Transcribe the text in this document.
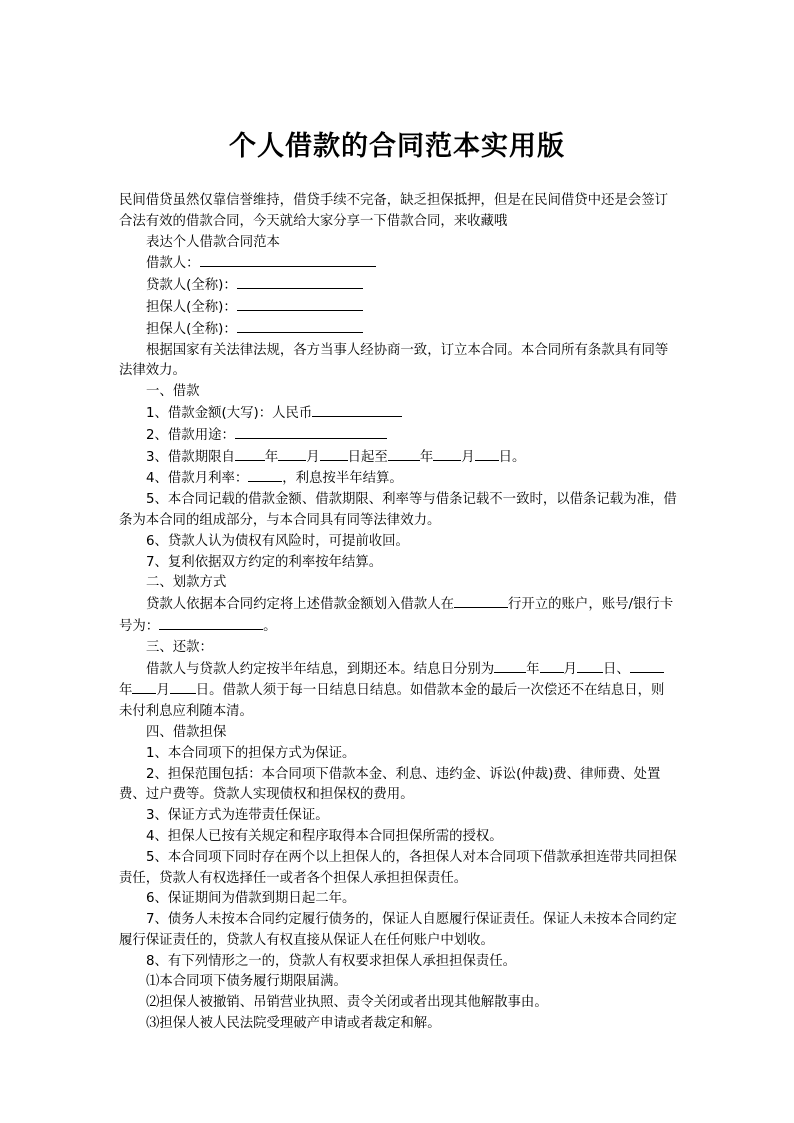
个人借款的合同范本实用版

民间借贷虽然仅靠信誉维持，借贷手续不完备，缺乏担保抵押，但是在民间借贷中还是会签订合法有效的借款合同，今天就给大家分享一下借款合同，来收藏哦

表达个人借款合同范本

借款人：

贷款人(全称)：

担保人(全称)：

担保人(全称)：

根据国家有关法律法规，各方当事人经协商一致，订立本合同。本合同所有条款具有同等法律效力。

一、借款

1、借款金额(大写)：人民币

2、借款用途：

3、借款期限自 年 月 日起至 年 月 日。

4、借款月利率：	，利息按半年结算。

5、本合同记载的借款金额、借款期限、利率等与借条记载不一致时，以借条记载为准，借条为本合同的组成部分，与本合同具有同等法律效力。

6、贷款人认为债权有风险时，可提前收回。

7、复利依据双方约定的利率按年结算。

二、划款方式

贷款人依据本合同约定将上述借款金额划入借款人在	行开立的账户，账号/银行卡号为：	。

三、还款：

借款人与贷款人约定按半年结息，到期还本。结息日分别为 年 月 日、年 月 日。借款人须于每一日结息日结息。如借款本金的最后一次偿还不在结息日，则未付利息应利随本清。

四、借款担保

1、本合同项下的担保方式为保证。

2、担保范围包括：本合同项下借款本金、利息、违约金、诉讼(仲裁)费、律师费、处置费、过户费等。贷款人实现债权和担保权的费用。

3、保证方式为连带责任保证。

4、担保人已按有关规定和程序取得本合同担保所需的授权。

5、本合同项下同时存在两个以上担保人的，各担保人对本合同项下借款承担连带共同担保责任，贷款人有权选择任一或者各个担保人承担担保责任。

6、保证期间为借款到期日起二年。

7、债务人未按本合同约定履行债务的，保证人自愿履行保证责任。保证人未按本合同约定履行保证责任的，贷款人有权直接从保证人在任何账户中划收。

8、有下列情形之一的，贷款人有权要求担保人承担担保责任。

⑴本合同项下债务履行期限届满。

⑵担保人被撤销、吊销营业执照、责令关闭或者出现其他解散事由。

⑶担保人被人民法院受理破产申请或者裁定和解。
